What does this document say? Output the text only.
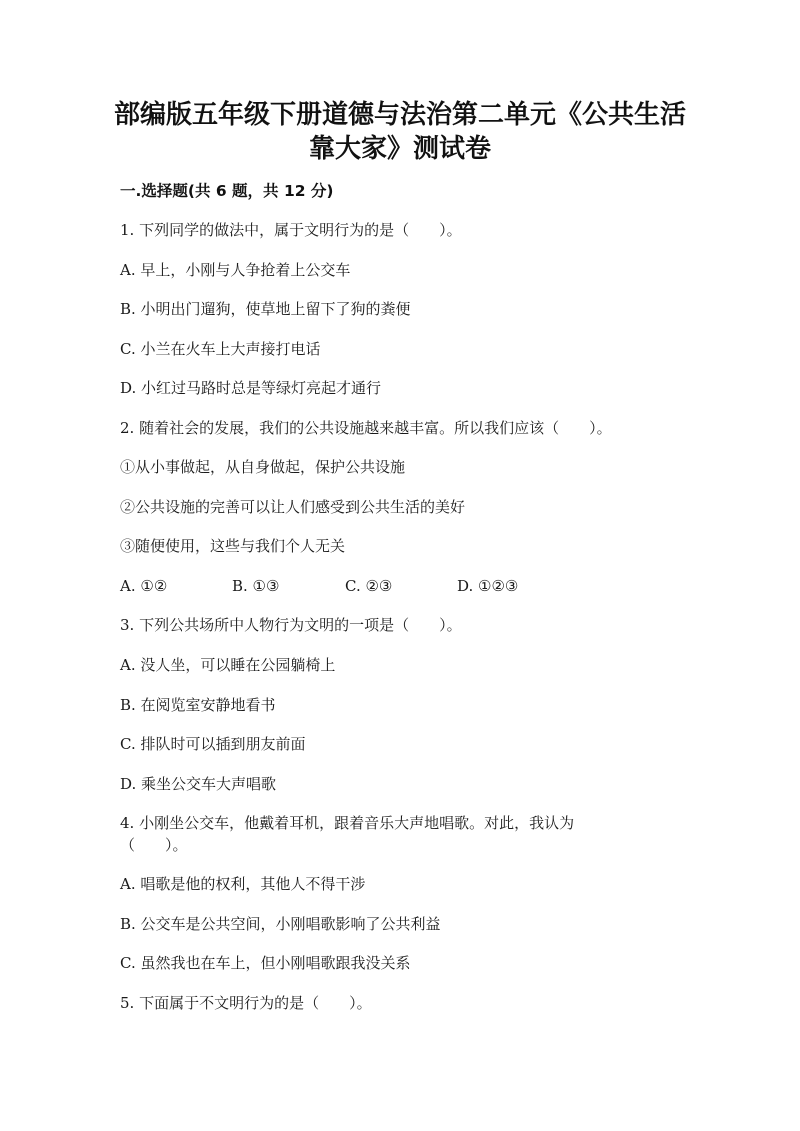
部编版五年级下册道德与法治第二单元《公共生活
靠大家》测试卷
一.选择题(共 6 题，共 12 分)
1. 下列同学的做法中，属于文明行为的是（　　）。
A. 早上，小刚与人争抢着上公交车
B. 小明出门遛狗，使草地上留下了狗的粪便
C. 小兰在火车上大声接打电话
D. 小红过马路时总是等绿灯亮起才通行
2. 随着社会的发展，我们的公共设施越来越丰富。所以我们应该（　　）。
①从小事做起，从自身做起，保护公共设施
②公共设施的完善可以让人们感受到公共生活的美好
③随便使用，这些与我们个人无关
A. ①②	B. ①③	C. ②③	D. ①②③
3. 下列公共场所中人物行为文明的一项是（　　）。
A. 没人坐，可以睡在公园躺椅上
B. 在阅览室安静地看书
C. 排队时可以插到朋友前面
D. 乘坐公交车大声唱歌
4. 小刚坐公交车，他戴着耳机，跟着音乐大声地唱歌。对此，我认为
（　　）。
A. 唱歌是他的权利，其他人不得干涉
B. 公交车是公共空间，小刚唱歌影响了公共利益
C. 虽然我也在车上，但小刚唱歌跟我没关系
5. 下面属于不文明行为的是（　　）。
